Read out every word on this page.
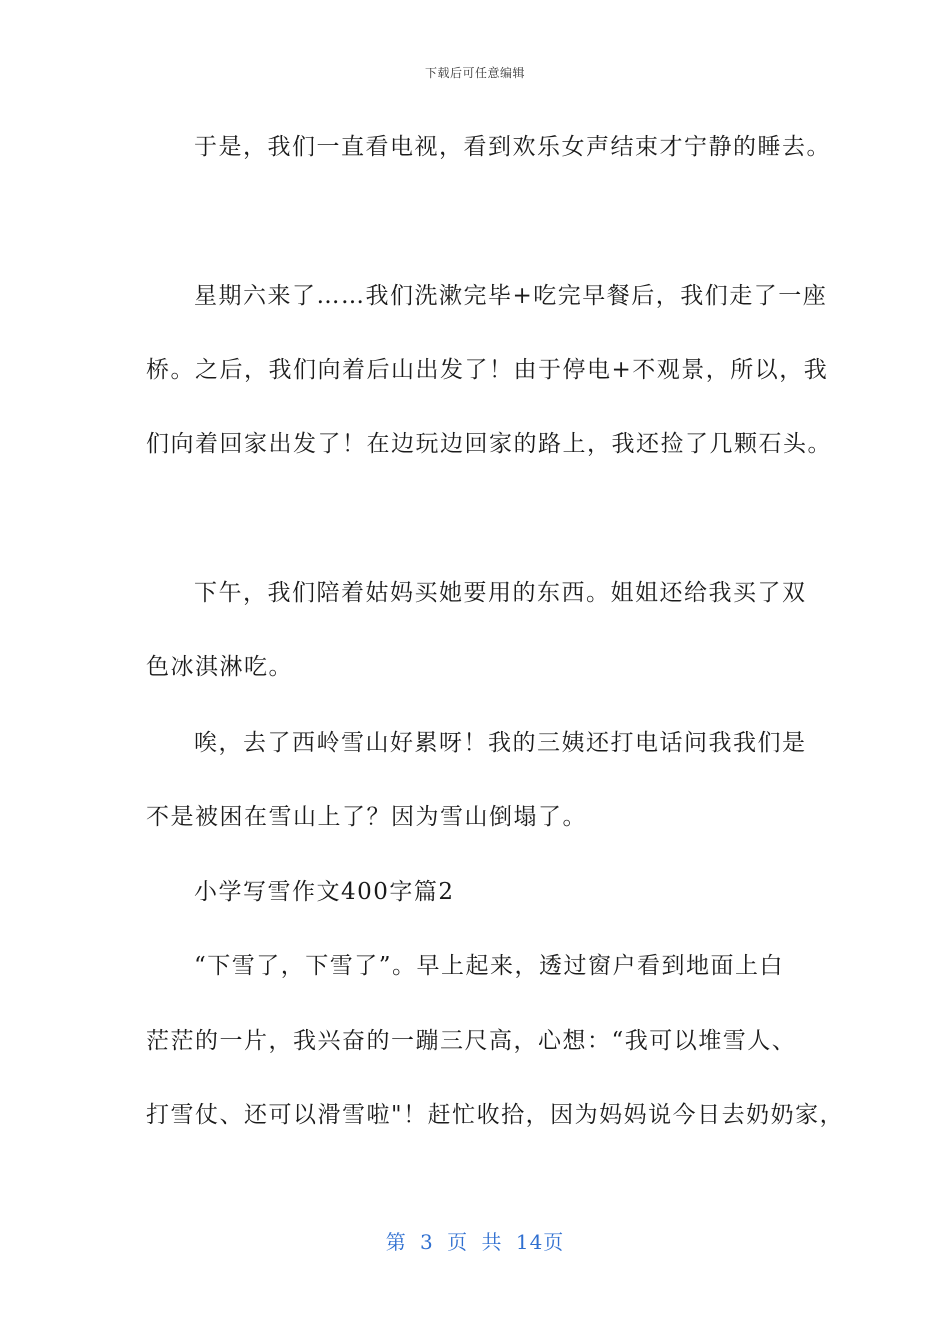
下载后可任意编辑
于是，我们一直看电视，看到欢乐女声结束才宁静的睡去。
星期六来了……我们洗漱完毕+吃完早餐后，我们走了一座
桥。之后，我们向着后山出发了！由于停电+不观景，所以，我
们向着回家出发了！在边玩边回家的路上，我还捡了几颗石头。
下午，我们陪着姑妈买她要用的东西。姐姐还给我买了双
色冰淇淋吃。
唉，去了西岭雪山好累呀！我的三姨还打电话问我我们是
不是被困在雪山上了？因为雪山倒塌了。
小学写雪作文400字篇2
“下雪了，下雪了”。早上起来，透过窗户看到地面上白
茫茫的一片，我兴奋的一蹦三尺高，心想：“我可以堆雪人、
打雪仗、还可以滑雪啦"！赶忙收拾，因为妈妈说今日去奶奶家，
第 3 页 共 14页
